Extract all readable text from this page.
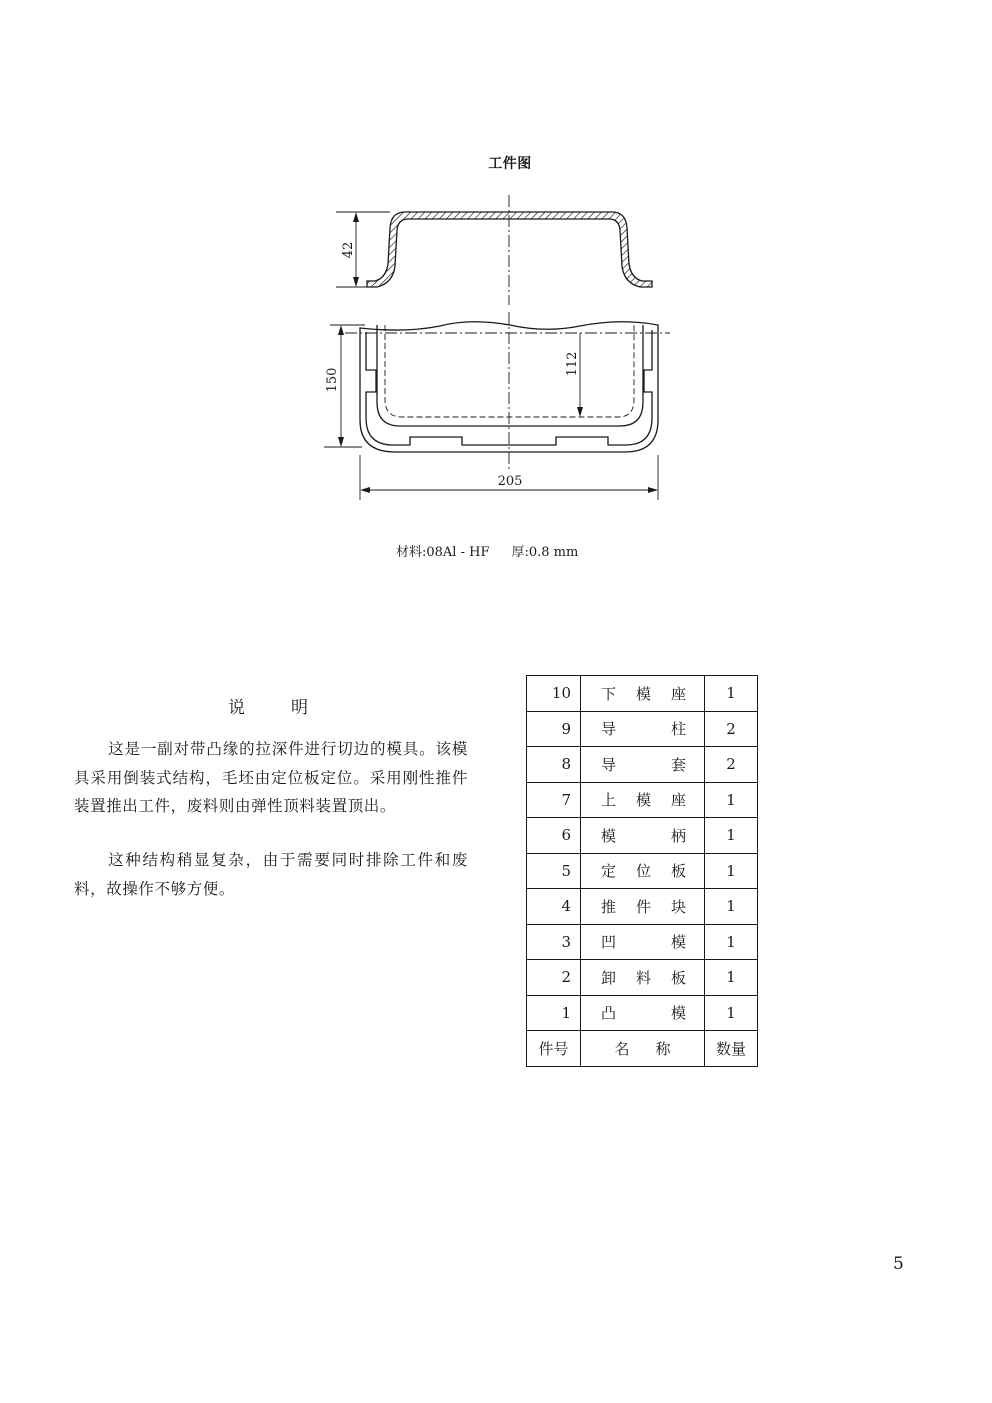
工件图
42
150
112
205
材料:08Al - HF 厚:0.8 mm
说明

这是一副对带凸缘的拉深件进行切边的模具。该模具采用倒装式结构，毛坯由定位板定位。采用刚性推件装置推出工件，废料则由弹性顶料装置顶出。

这种结构稍显复杂，由于需要同时排除工件和废料，故操作不够方便。

10	下 模 座	1
9	导 柱	2
8	导 套	2
7	上 模 座	1
6	模 柄	1
5	定 位 板	1
4	推 件 块	1
3	凹 模	1
2	卸 料 板	1
1	凸 模	1
件号	名 称	数量
5
